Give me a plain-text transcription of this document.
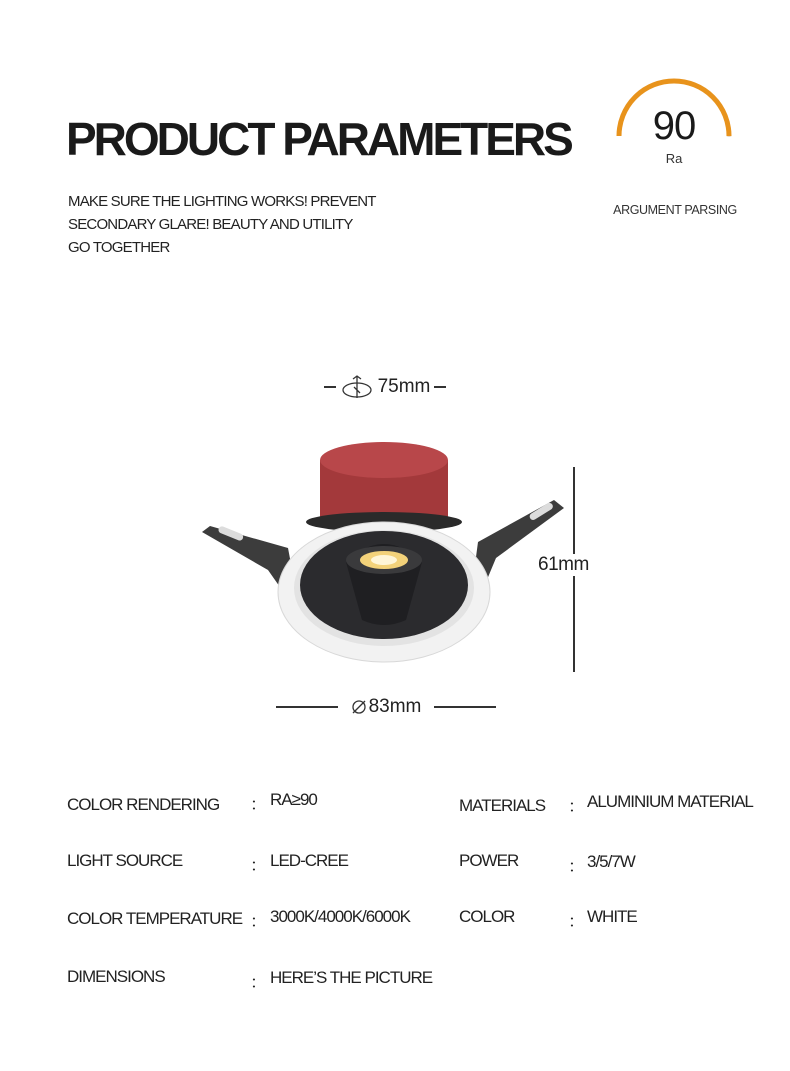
PRODUCT PARAMETERS
MAKE SURE THE LIGHTING WORKS! PREVENT
SECONDARY GLARE! BEAUTY AND UTILITY
GO TOGETHER
90
Ra
ARGUMENT PARSING
75mm
61mm
83mm
COLOR RENDERING ： RA≥90
LIGHT SOURCE	： LED-CREE
COLOR TEMPERATURE ： 3000K/4000K/6000K
DIMENSIONS	： HERE’S THE PICTURE
MATERIALS ： ALUMINIUM MATERIAL
POWER	： 3/5/7W
COLOR	： WHITE
